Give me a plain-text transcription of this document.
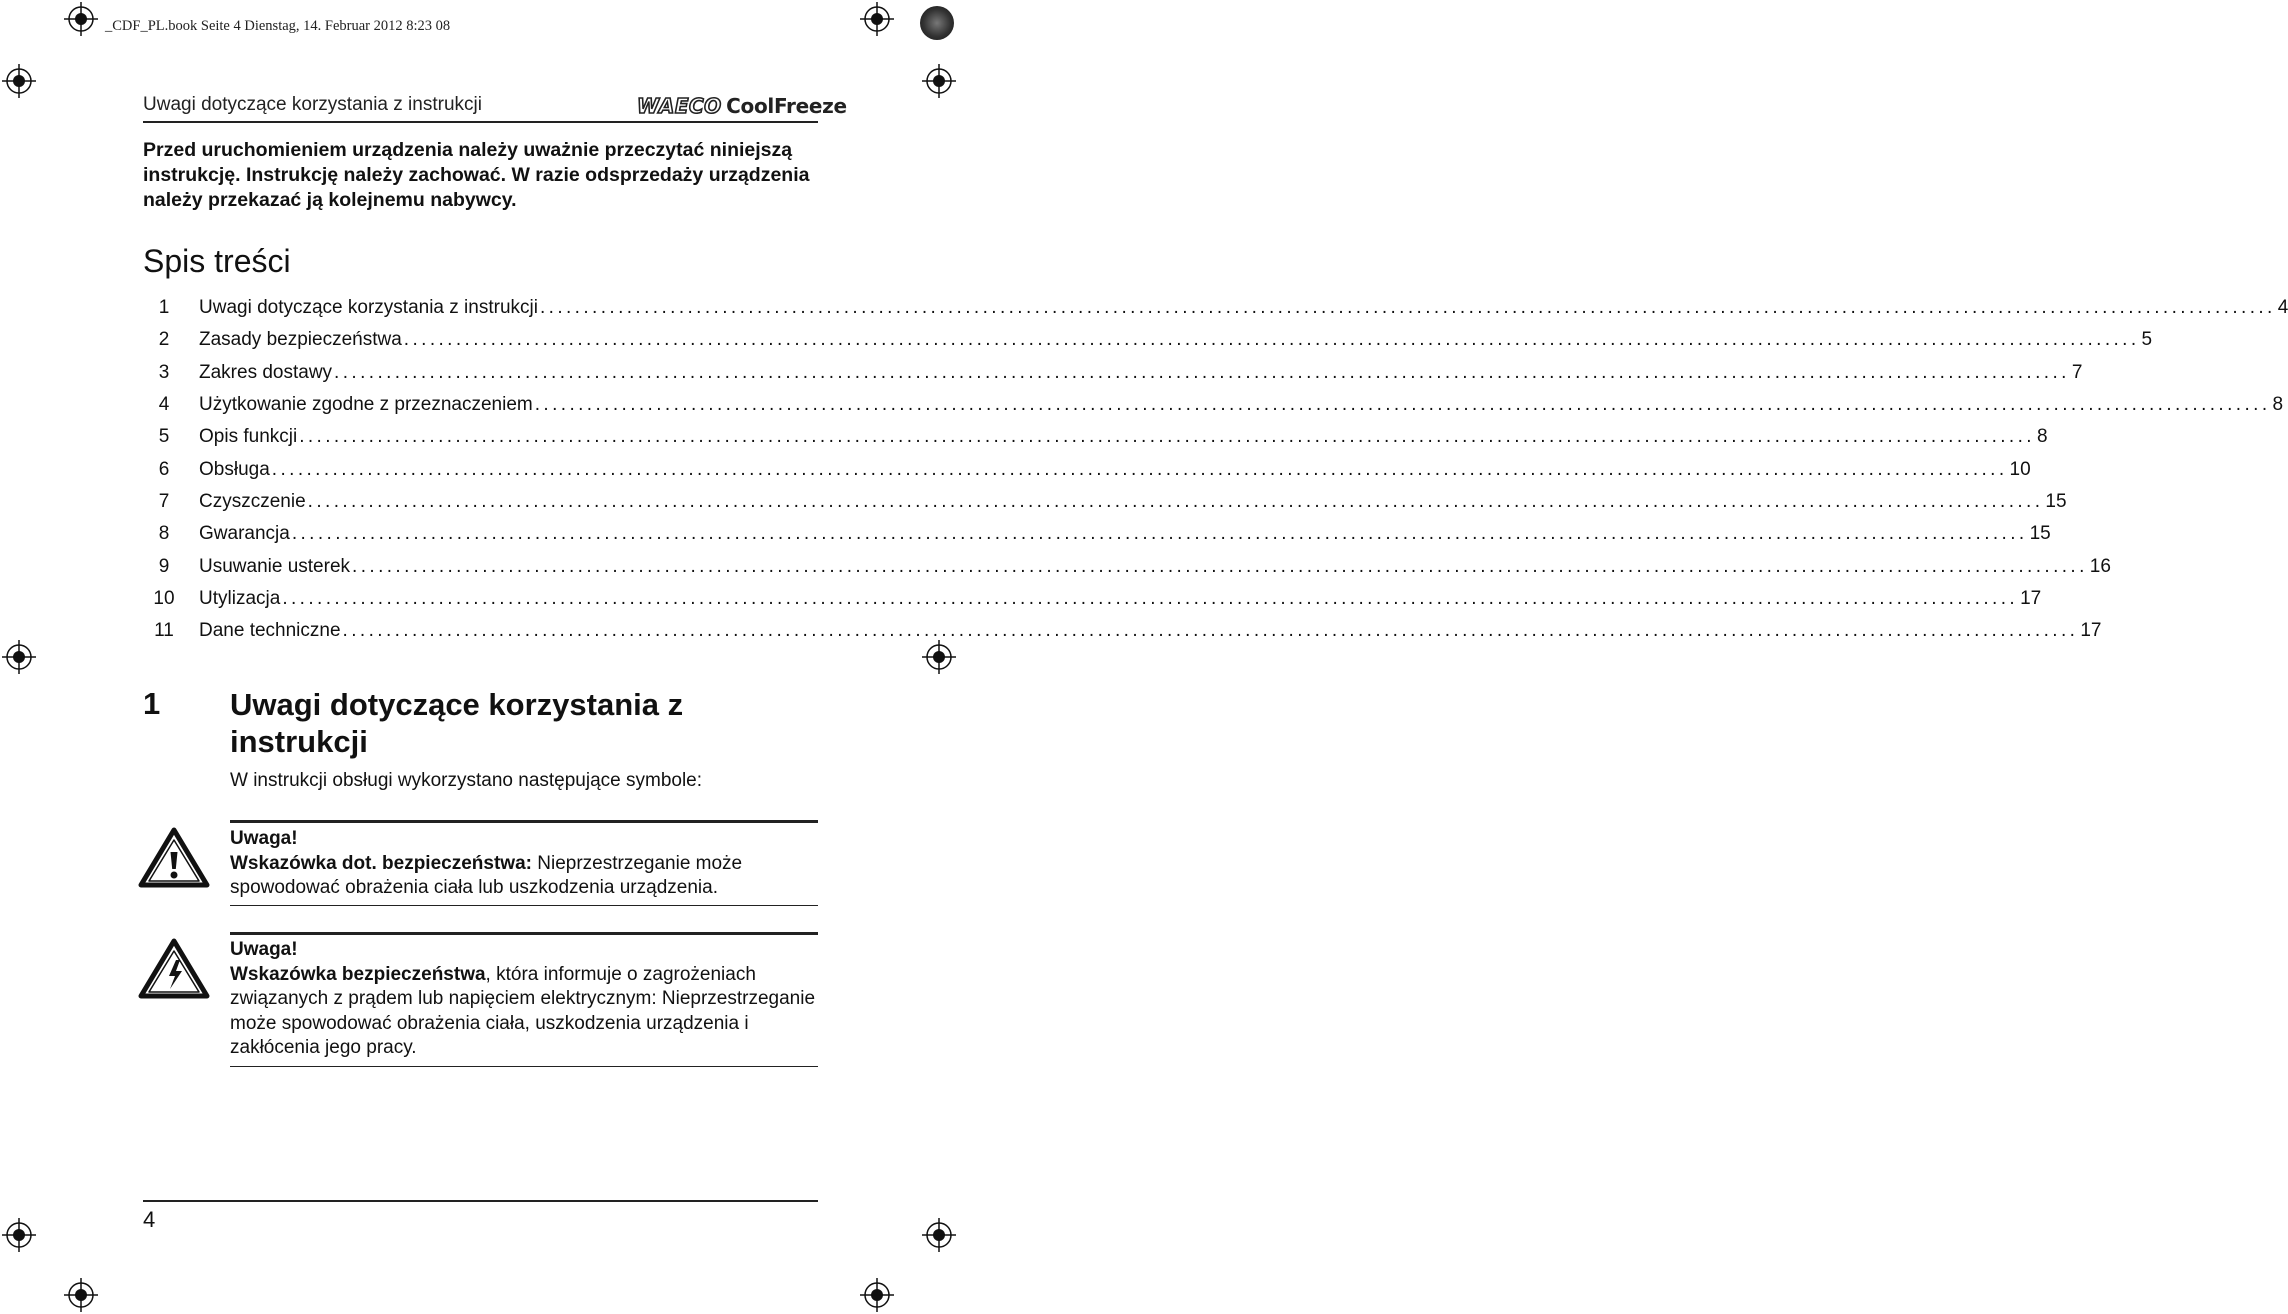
_CDF_PL.book Seite 4 Dienstag, 14. Februar 2012 8:23 08
Uwagi dotyczące korzystania z instrukcji	WAECO CoolFreeze
Przed uruchomieniem urządzenia należy uważnie przeczytać niniejszą instrukcję. Instrukcję należy zachować. W razie odsprzedaży urządzenia należy przekazać ją kolejnemu nabywcy.
Spis treści
1	Uwagi dotyczące korzystania z instrukcji ........................................................................................................................................................................................................ 4
2	Zasady bezpieczeństwa ........................................................................................................................................................................................................ 5
3	Zakres dostawy ........................................................................................................................................................................................................ 7
4	Użytkowanie zgodne z przeznaczeniem ........................................................................................................................................................................................................ 8
5	Opis funkcji ........................................................................................................................................................................................................ 8
6	Obsługa ........................................................................................................................................................................................................ 10
7	Czyszczenie ........................................................................................................................................................................................................ 15
8	Gwarancja ........................................................................................................................................................................................................ 15
9	Usuwanie usterek ........................................................................................................................................................................................................ 16
10	Utylizacja ........................................................................................................................................................................................................ 17
11	Dane techniczne ........................................................................................................................................................................................................ 17
1 Uwagi dotyczące korzystania z instrukcji
W instrukcji obsługi wykorzystano następujące symbole:
Uwaga!
Wskazówka dot. bezpieczeństwa: Nieprzestrzeganie może spowodować obrażenia ciała lub uszkodzenia urządzenia.
Uwaga!
Wskazówka bezpieczeństwa, która informuje o zagrożeniach związanych z prądem lub napięciem elektrycznym: Nieprzestrzeganie może spowodować obrażenia ciała, uszkodzenia urządzenia i zakłócenia jego pracy.
4
